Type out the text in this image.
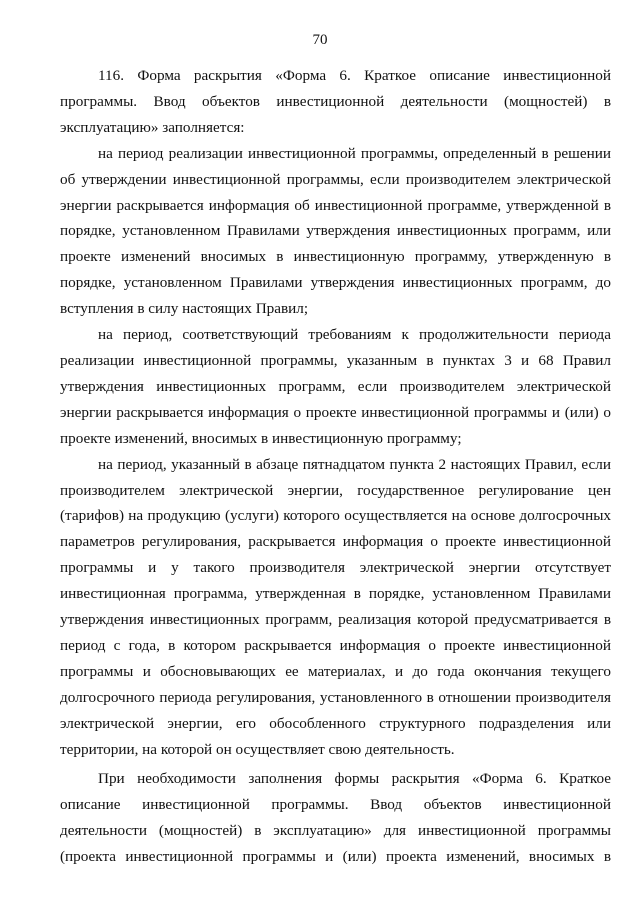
70

116. Форма раскрытия «Форма 6. Краткое описание инвестиционной программы. Ввод объектов инвестиционной деятельности (мощностей) в эксплуатацию» заполняется:

на период реализации инвестиционной программы, определенный в решении об утверждении инвестиционной программы, если производителем электрической энергии раскрывается информация об инвестиционной программе, утвержденной в порядке, установленном Правилами утверждения инвестиционных программ, или проекте изменений вносимых в инвестиционную программу, утвержденную в порядке, установленном Правилами утверждения инвестиционных программ, до вступления в силу настоящих Правил;

на период, соответствующий требованиям к продолжительности периода реализации инвестиционной программы, указанным в пунктах 3 и 68 Правил утверждения инвестиционных программ, если производителем электрической энергии раскрывается информация о проекте инвестиционной программы и (или) о проекте изменений, вносимых в инвестиционную программу;

на период, указанный в абзаце пятнадцатом пункта 2 настоящих Правил, если производителем электрической энергии, государственное регулирование цен (тарифов) на продукцию (услуги) которого осуществляется на основе долгосрочных параметров регулирования, раскрывается информация о проекте инвестиционной программы и у такого производителя электрической энергии отсутствует инвестиционная программа, утвержденная в порядке, установленном Правилами утверждения инвестиционных программ, реализация которой предусматривается в период с года, в котором раскрывается информация о проекте инвестиционной программы и обосновывающих ее материалах, и до года окончания текущего долгосрочного периода регулирования, установленного в отношении производителя электрической энергии, его обособленного структурного подразделения или территории, на которой он осуществляет свою деятельность.

При необходимости заполнения формы раскрытия «Форма 6. Краткое описание инвестиционной программы. Ввод объектов инвестиционной деятельности (мощностей) в эксплуатацию» для инвестиционной программы (проекта инвестиционной программы и (или) проекта изменений, вносимых в
